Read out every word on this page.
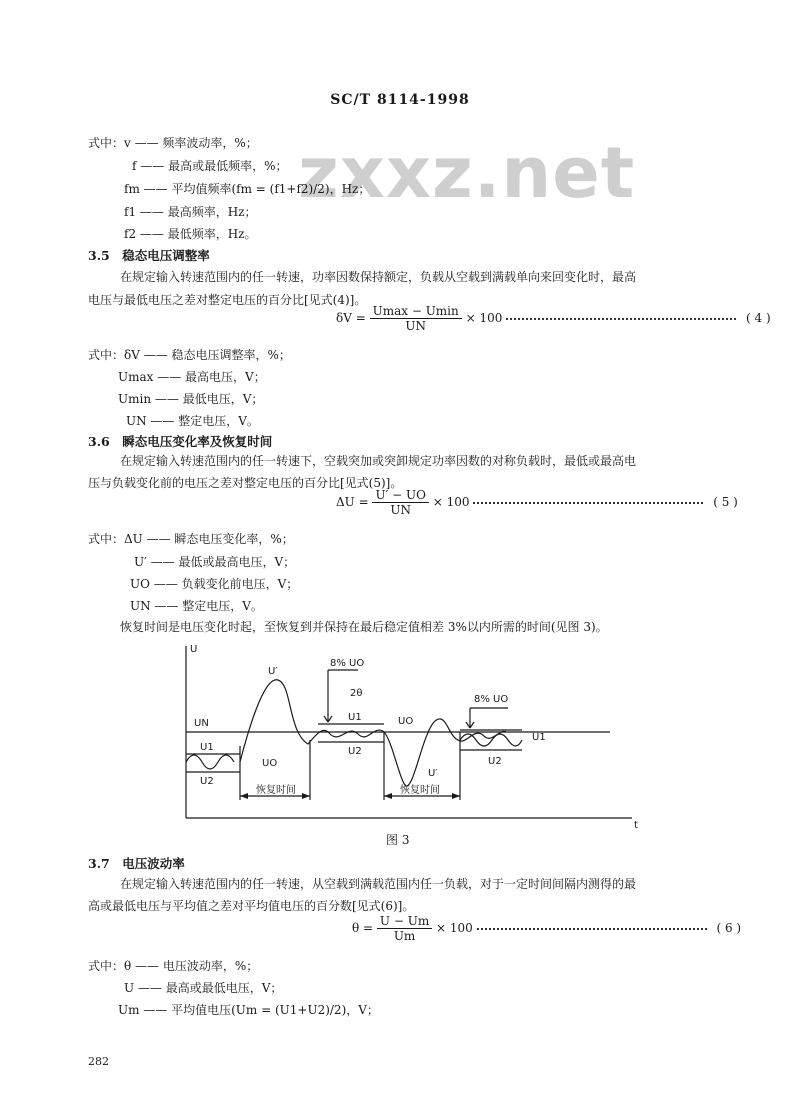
SC/T 8114-1998
zxxz.net
式中：v —— 频率波动率，%；
f —— 最高或最低频率，%；
fm —— 平均值频率(fm = (f1+f2)/2)，Hz；
f1 —— 最高频率，Hz；
f2 —— 最低频率，Hz。
3.5　稳态电压调整率
在规定输入转速范围内的任一转速，功率因数保持额定，负载从空载到满载单向来回变化时，最高
电压与最低电压之差对整定电压的百分比[见式(4)]。
$\delta V = \frac{Umax - Umin}{UN} \times 100$	( 4 )
式中：δV —— 稳态电压调整率，%；
Umax —— 最高电压，V；
Umin —— 最低电压，V；
UN —— 整定电压，V。
3.6　瞬态电压变化率及恢复时间
在规定输入转速范围内的任一转速下，空载突加或突卸规定功率因数的对称负载时，最低或最高电
压与负载变化前的电压之差对整定电压的百分比[见式(5)]。
$\Delta U = \frac{U' - UO}{UN} \times 100$	( 5 )
式中：ΔU —— 瞬态电压变化率，%；
U′ —— 最低或最高电压，V；
UO —— 负载变化前电压，V；
UN —— 整定电压，V。
恢复时间是电压变化时起，至恢复到并保持在最后稳定值相差 3%以内所需的时间(见图 3)。
U
t
UN
U1
U2
UO
U′
8% UO
2θ
U1
U2
UO
U′
8% UO
U1
U2
恢复时间	恢复时间
图 3
3.7　电压波动率
在规定输入转速范围内的任一转速，从空载到满载范围内任一负载，对于一定时间间隔内测得的最
高或最低电压与平均值之差对平均值电压的百分数[见式(6)]。
$\theta = \frac{U - Um}{Um} \times 100$	( 6 )
式中：θ —— 电压波动率，%；
U —— 最高或最低电压，V；
Um —— 平均值电压(Um = (U1+U2)/2)，V；
282
